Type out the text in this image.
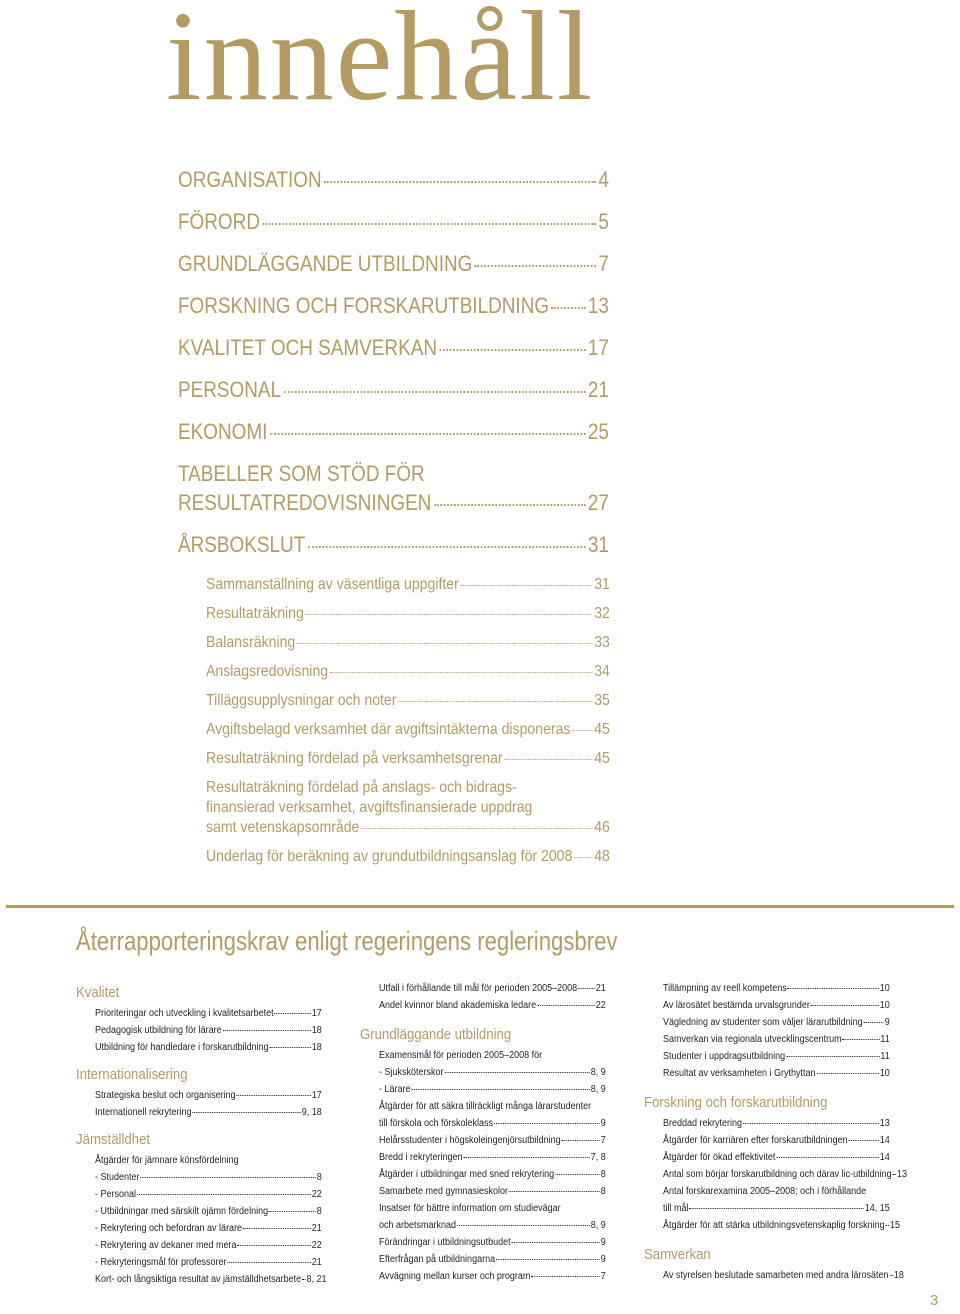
innehåll
ORGANISATION	4
FÖRORD	5
GRUNDLÄGGANDE UTBILDNING	7
FORSKNING OCH FORSKARUTBILDNING 13
KVALITET OCH SAMVERKAN	17
PERSONAL	21
EKONOMI	25
TABELLER SOM STÖD FÖR
RESULTATREDOVISNINGEN	27
ÅRSBOKSLUT	31
Sammanställning av väsentliga uppgifter	31
Resultaträkning	32
Balansräkning	33
Anslagsredovisning	34
Tilläggsupplysningar och noter	35
Avgiftsbelagd verksamhet där avgiftsintäkterna disponeras 45
Resultaträkning fördelad på verksamhetsgrenar	45
Resultaträkning fördelad på anslags- och bidrags-
finansierad verksamhet, avgiftsfinansierade uppdrag
samt vetenskapsområde	46
Underlag för beräkning av grundutbildningsanslag för 2008 48
Återrapporteringskrav enligt regeringens regleringsbrev
Kvalitet
Prioriteringar och utveckling i kvalitetsarbetet	17
Pedagogisk utbildning för lärare	18
Utbildning för handledare i forskarutbildning	18
Internationalisering
Strategiska beslut och organisering	17
Internationell rekrytering	9, 18
Jämställdhet
Åtgärder för jämnare könsfördelning
- Studenter	8
- Personal	22
- Utbildningar med särskilt ojämn fördelning	8
- Rekrytering och befordran av lärare	21
- Rekrytering av dekaner med mera	22
- Rekryteringsmål för professorer	21
Kort- och långsiktiga resultat av jämställdhetsarbete 8, 21
Utfall i förhållande till mål för perioden 2005–2008 21
Andel kvinnor bland akademiska ledare	22
Grundläggande utbildning
Examensmål för perioden 2005–2008 för
- Sjuksköterskor	8, 9
- Lärare	8, 9
Åtgärder för att säkra tillräckligt många lärarstudenter
till förskola och förskoleklass	9
Helårsstudenter i högskoleingenjörsutbildning	7
Bredd i rekryteringen	7, 8
Åtgärder i utbildningar med sned rekrytering	8
Samarbete med gymnasieskolor	8
Insatser för bättre information om studievägar
och arbetsmarknad	8, 9
Förändringar i utbildningsutbudet	9
Efterfrågan på utbildningarna	9
Avvägning mellan kurser och program	7
Tillämpning av reell kompetens	10
Av lärosätet bestämda urvalsgrunder	10
Vägledning av studenter som väljer lärarutbildning 9
Samverkan via regionala utvecklingscentrum	11
Studenter i uppdragsutbildning	11
Resultat av verksamheten i Grythyttan	10
Forskning och forskarutbildning
Breddad rekrytering	13
Åtgärder för karriären efter forskarutbildningen	14
Åtgärder för ökad effektivitet	14
Antal som börjar forskarutbildning och därav lic-utbildning 13
Antal forskarexamina 2005–2008; och i förhållande
till mål	14, 15
Åtgärder för att stärka utbildningsvetenskaplig forskning 15
Samverkan
Av styrelsen beslutade samarbeten med andra lärosäten 18
3
